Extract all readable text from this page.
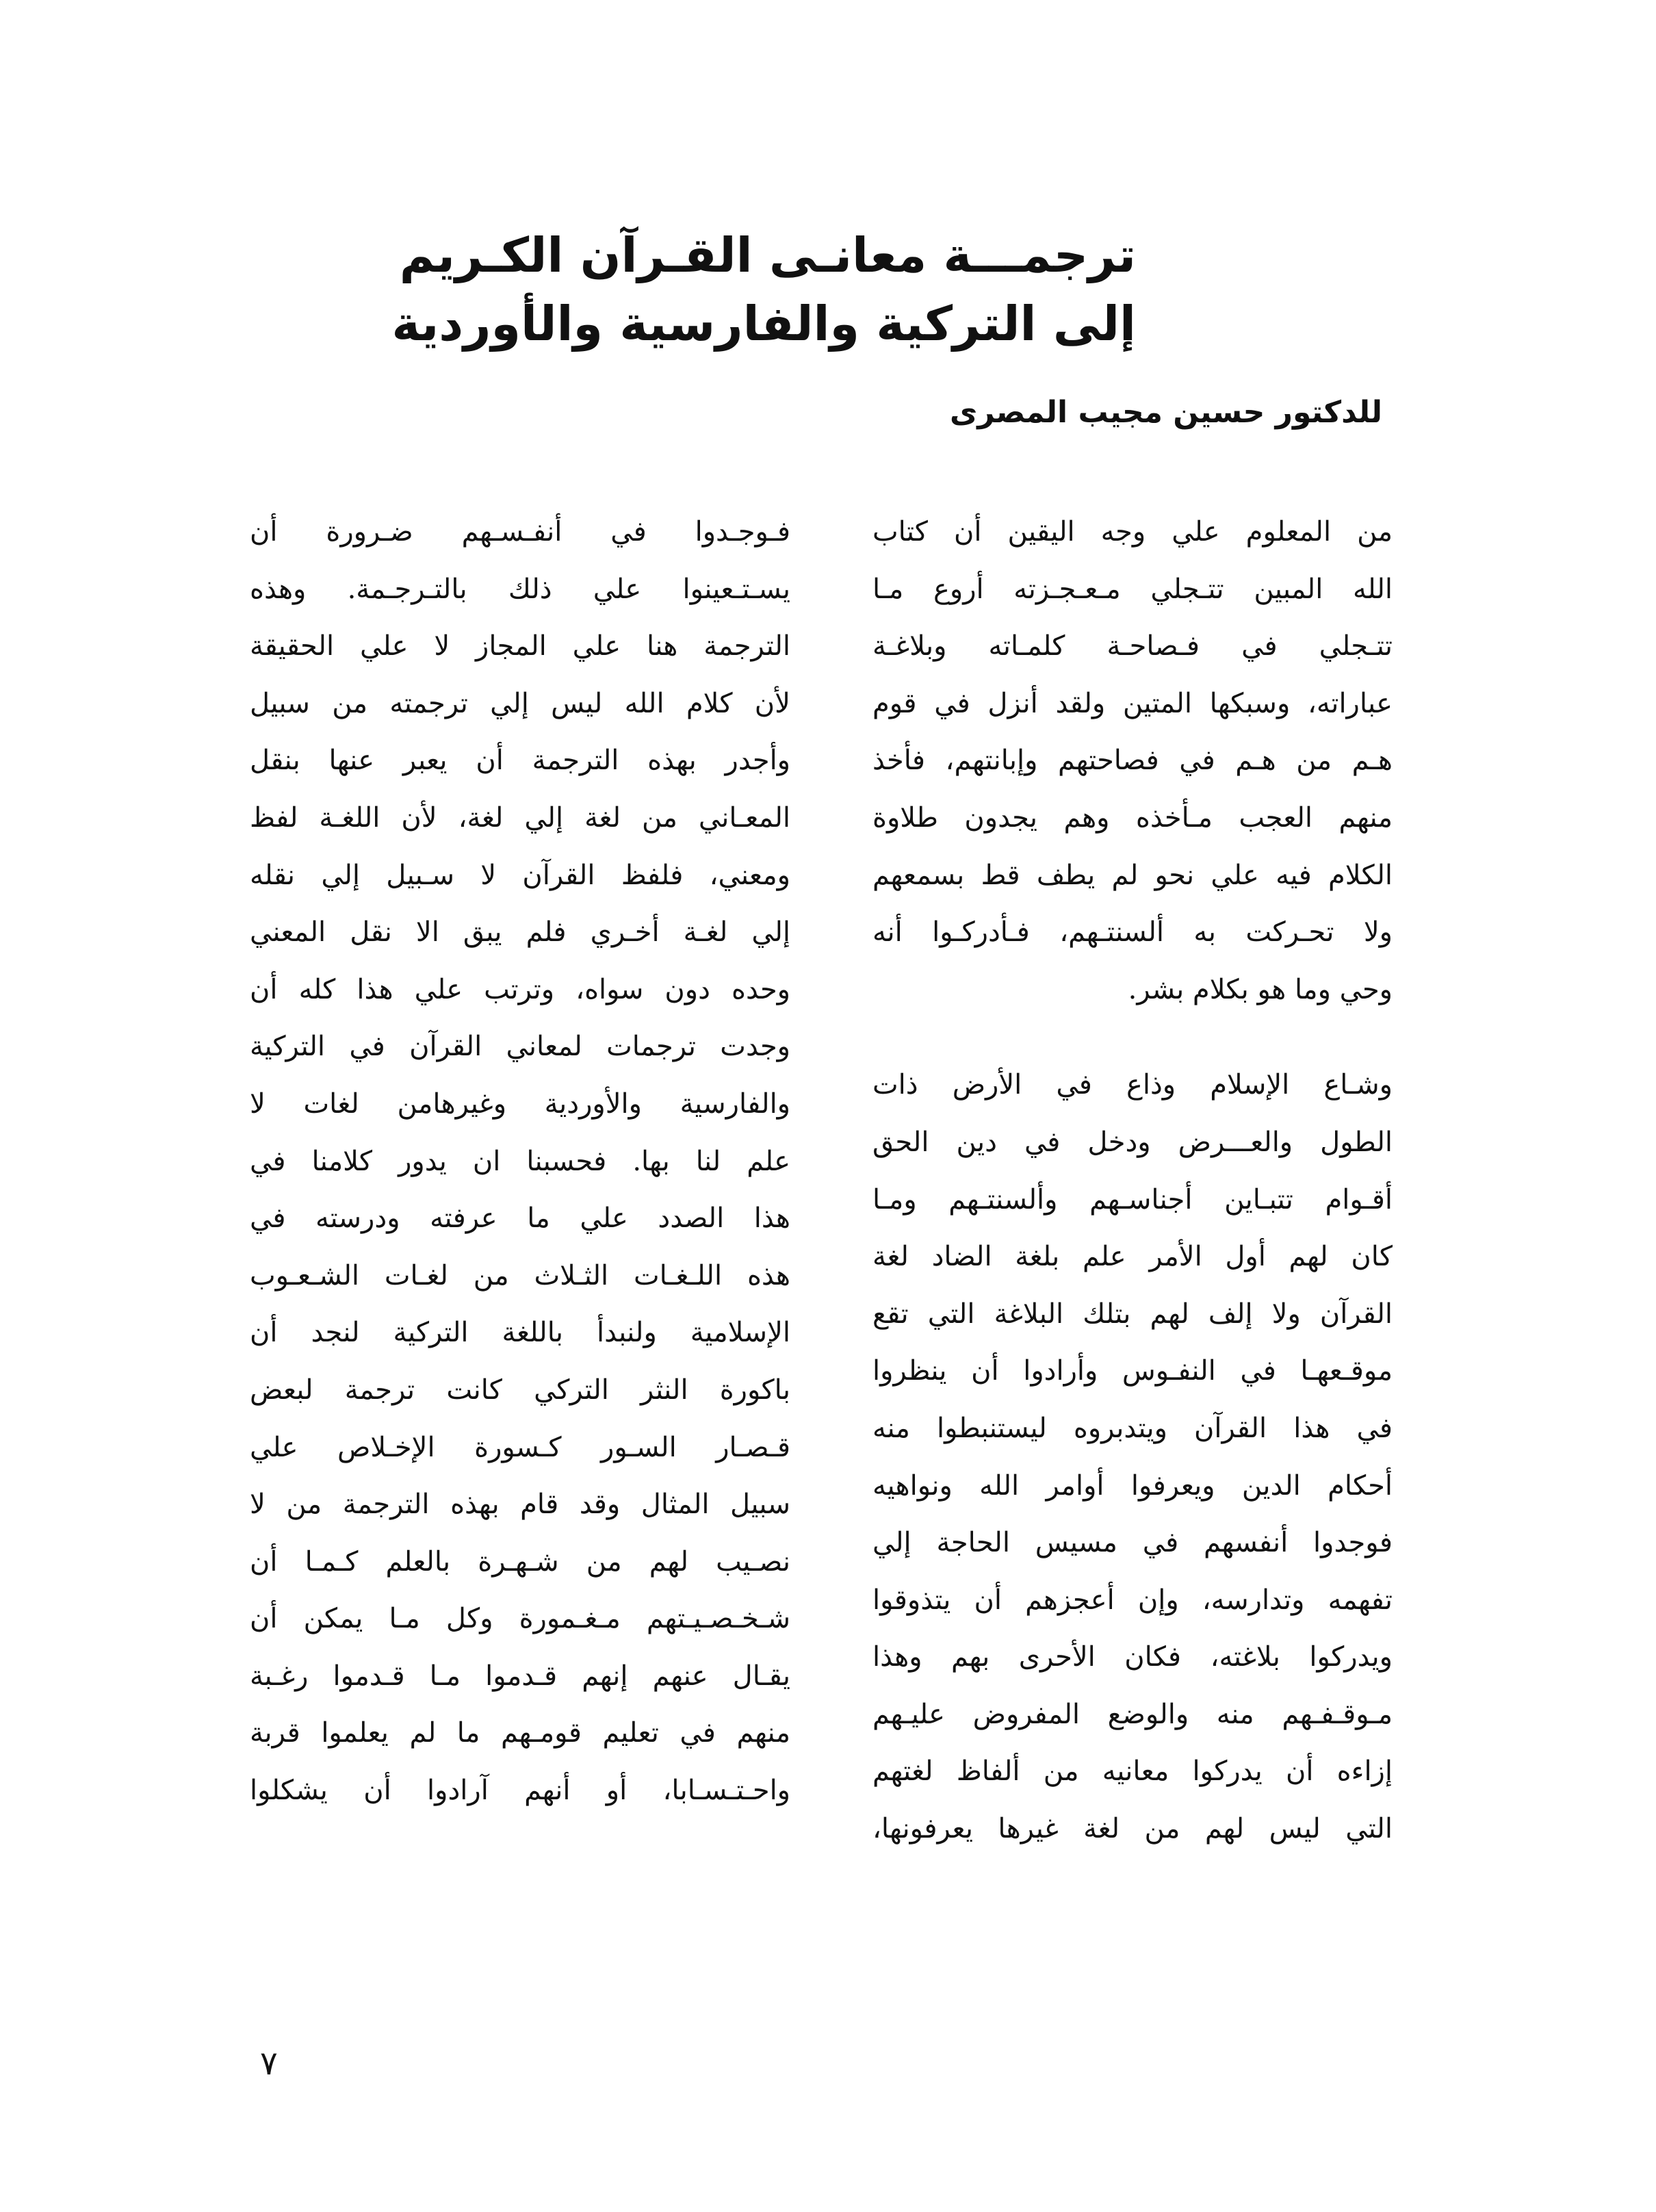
ترجمـــة معانـى القـرآن الكـريم
إلى التركية والفارسية والأوردية
للدكتور حسين مجيب المصرى
من المعلوم علي وجه اليقين أن كتاب
الله المبين تتـجلي مـعـجـزته أروع مـا
تتـجلي في فـصاحـة كلمـاته وبلاغـة
عباراته، وسبكها المتين ولقد أنزل في قوم
هـم من هـم في فصاحتهم وإبانتهم، فأخذ
منهم العجب مـأخذه وهم يجدون طلاوة
الكلام فيه علي نحو لم يطف قط بسمعهم
ولا تحـركت به ألسنتـهم، فـأدركـوا أنه
وحي وما هو بكلام بشر.
وشـاع الإسلام وذاع في الأرض ذات
الطول والعـــرض ودخل في دين الحق
أقـوام تتبـاين أجناسـهم وألسنتـهم ومـا
كان لهم أول الأمر علم بلغة الضاد لغة
القرآن ولا إلف لهم بتلك البلاغة التي تقع
موقـعهـا في النفـوس وأرادوا أن ينظروا
في هذا القرآن ويتدبروه ليستنبطوا منه
أحكام الدين ويعرفوا أوامر الله ونواهيه
فوجدوا أنفسهم في مسيس الحاجة إلي
تفهمه وتدارسه، وإن أعجزهم أن يتذوقوا
ويدركوا بلاغته، فكان الأحرى بهم وهذا
مـوقـفـهم منه والوضع المفروض عليـهم
إزاءه أن يدركوا معانيه من ألفاظ لغتهم
التي ليس لهم من لغة غيرها يعرفونها،
فـوجـدوا في أنفـسـهم ضـرورة أن
يسـتـعينوا علي ذلك بالتـرجـمة. وهذه
الترجمة هنا علي المجاز لا علي الحقيقة
لأن كلام الله ليس إلي ترجمته من سبيل
وأجدر بهذه الترجمة أن يعبر عنها بنقل
المعـاني من لغة إلي لغة، لأن اللغـة لفظ
ومعني، فلفظ القرآن لا سـبيل إلي نقله
إلي لغـة أخـري فلم يبق الا نقل المعني
وحده دون سواه، وترتب علي هذا كله أن
وجدت ترجمات لمعاني القرآن في التركية
والفارسية والأوردية وغيرهامن لغات لا
علم لنا بها. فحسبنا ان يدور كلامنا في
هذا الصدد علي ما عرفته ودرسته في
هذه اللـغـات الثـلاث من لغـات الشـعـوب
الإسلامية ولنبدأ باللغة التركية لنجد أن
باكورة النثر التركي كانت ترجمة لبعض
قـصـار السـور كـسورة الإخـلاص علي
سبيل المثال وقد قام بهذه الترجمة من لا
نصـيب لهم من شـهـرة بالعلم كـمـا أن
شـخـصـيـتهم مـغـمورة وكل مـا يمكن أن
يقـال عنهم إنهم قـدموا مـا قـدموا رغـبة
منهم في تعليم قومـهم ما لم يعلموا قربة
واحـتـسـابا، أو أنهم آرادوا أن يشكلوا
٧
